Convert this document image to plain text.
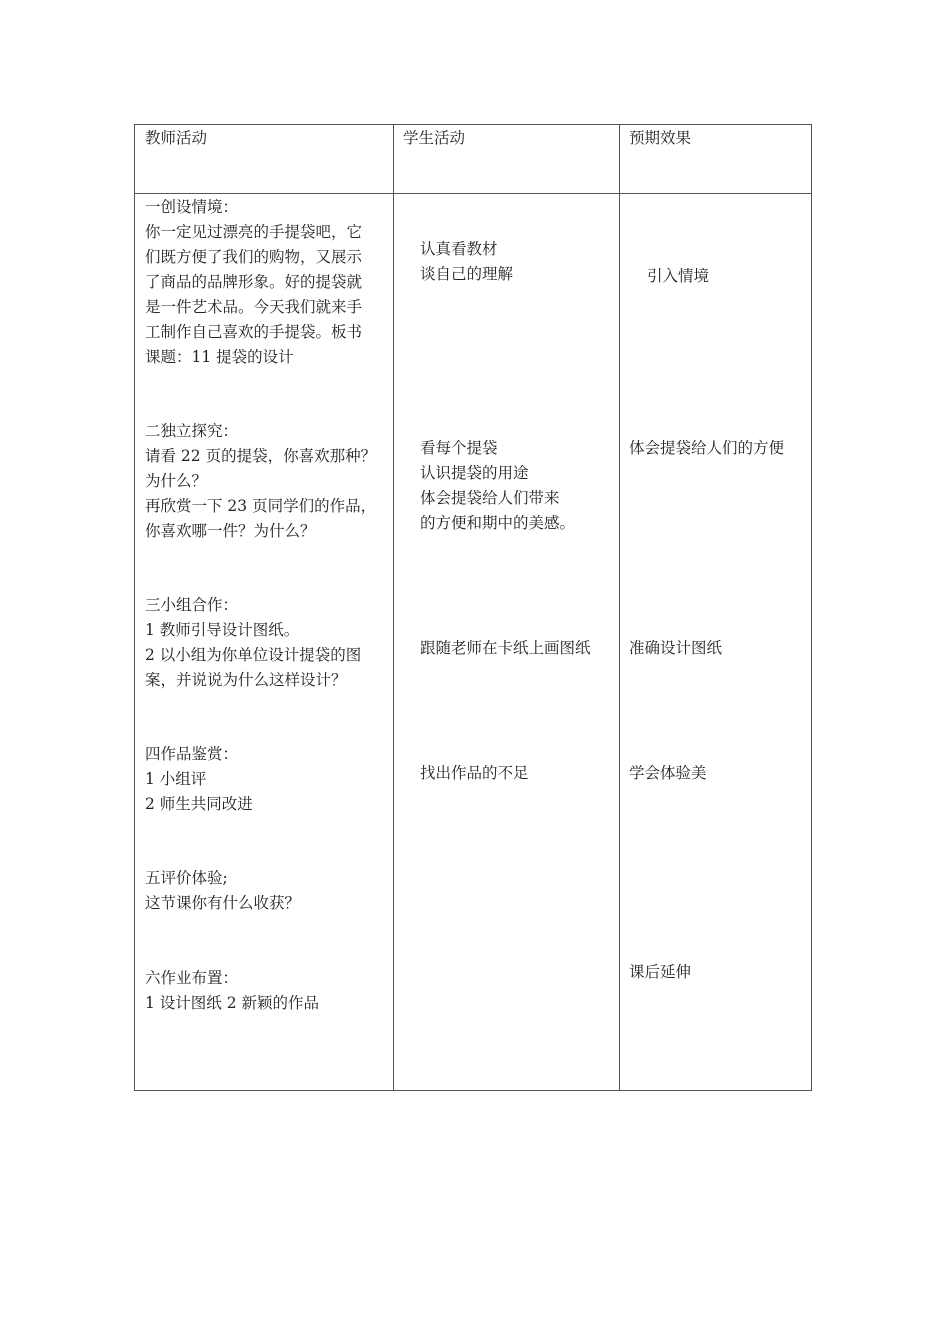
教师活动	学生活动	预期效果
一创设情境：
你一定见过漂亮的手提袋吧，它
们既方便了我们的购物，又展示
了商品的品牌形象。好的提袋就
是一件艺术品。今天我们就来手
工制作自己喜欢的手提袋。板书
课题：11 提袋的设计
二独立探究：
请看 22 页的提袋，你喜欢那种？
为什么？
再欣赏一下 23 页同学们的作品，
你喜欢哪一件？为什么？
三小组合作：
1 教师引导设计图纸。
2 以小组为你单位设计提袋的图
案，并说说为什么这样设计？
四作品鉴赏：
1 小组评
2 师生共同改进
五评价体验;
这节课你有什么收获？
六作业布置：
1 设计图纸 2 新颖的作品
认真看教材
谈自己的理解
看每个提袋
认识提袋的用途
体会提袋给人们带来
的方便和期中的美感。
跟随老师在卡纸上画图纸
找出作品的不足
引入情境
体会提袋给人们的方便
准确设计图纸
学会体验美
课后延伸
